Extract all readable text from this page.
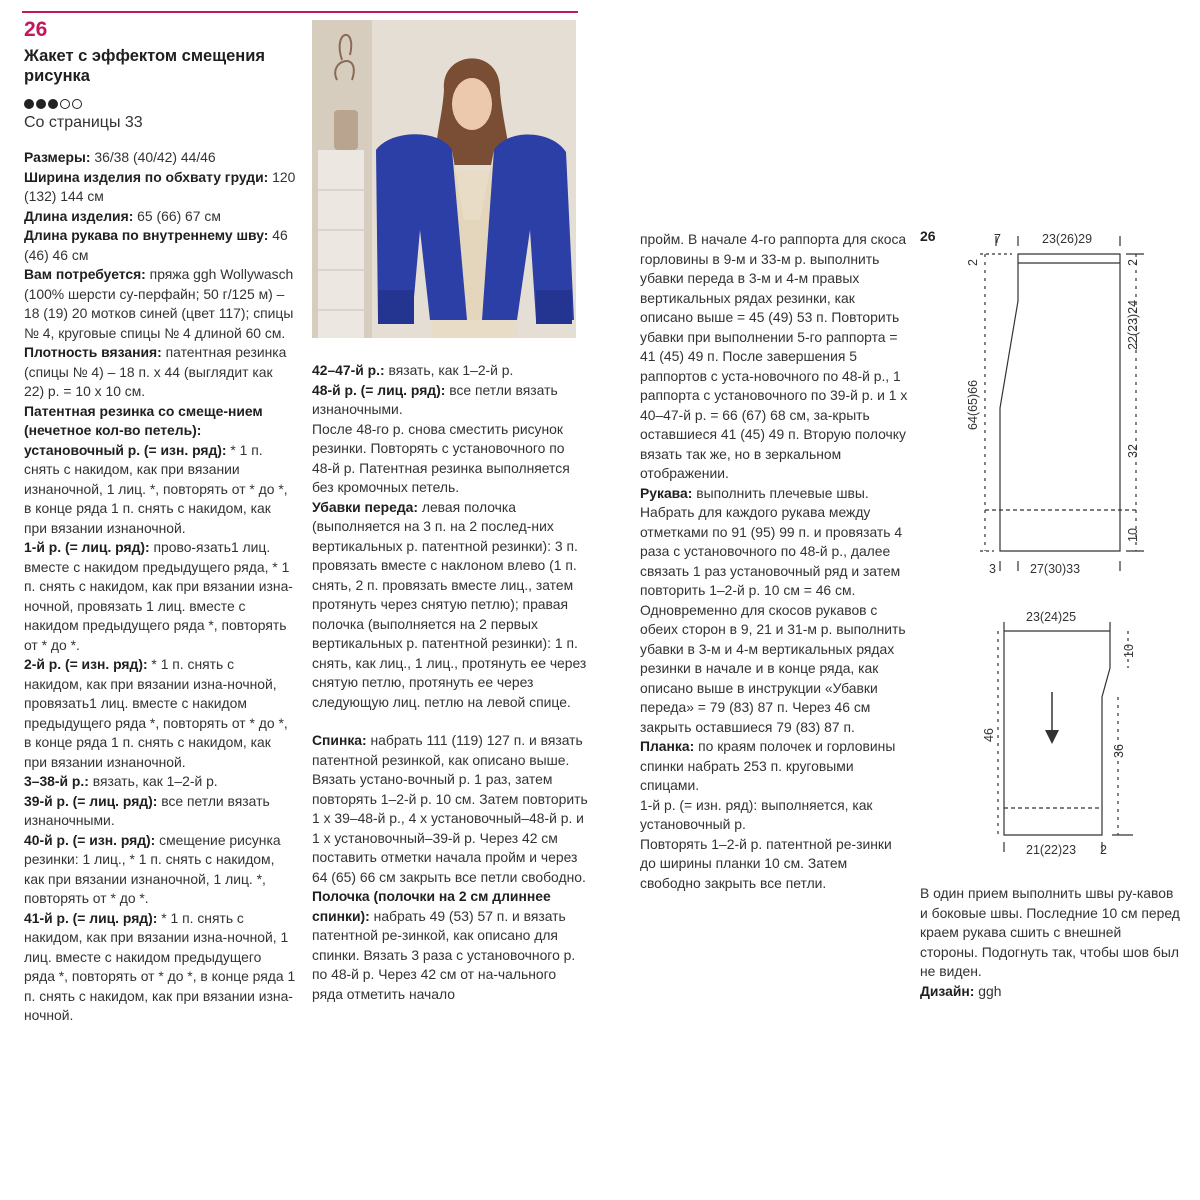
26
Жакет с эффектом смещения рисунка
Со страницы 33

Размеры: 36/38 (40/42) 44/46

Ширина изделия по обхвату груди: 120 (132) 144 см

Длина изделия: 65 (66) 67 см

Длина рукава по внутреннему шву: 46 (46) 46 см

Вам потребуется: пряжа ggh Wollywasch (100% шерсти су-перфайн; 50 г/125 м) – 18 (19) 20 мотков синей (цвет 117); спицы № 4, круговые спицы № 4 длиной 60 см.

Плотность вязания: патентная резинка (спицы № 4) – 18 п. х 44 (выглядит как 22) р. = 10 х 10 см.

Патентная резинка со смеще-нием (нечетное кол-во петель): установочный р. (= изн. ряд): * 1 п. снять с накидом, как при вязании изнаночной, 1 лиц. *, повторять от * до *, в конце ряда 1 п. снять с накидом, как при вязании изнаночной.

1-й р. (= лиц. ряд): прово-язать1 лиц. вместе с накидом предыдущего ряда, * 1 п. снять с накидом, как при вязании изна-ночной, провязать 1 лиц. вместе с накидом предыдущего ряда *, повторять от * до *.

2-й р. (= изн. ряд): * 1 п. снять с накидом, как при вязании изна-ночной, провязать1 лиц. вместе с накидом предыдущего ряда *, повторять от * до *, в конце ряда 1 п. снять с накидом, как при вязании изнаночной.

3–38-й р.: вязать, как 1–2-й р.

39-й р. (= лиц. ряд): все петли вязать изнаночными.

40-й р. (= изн. ряд): смещение рисунка резинки: 1 лиц., * 1 п. снять с накидом, как при вязании изнаночной, 1 лиц. *, повторять от * до *.

41-й р. (= лиц. ряд): * 1 п. снять с накидом, как при вязании изна-ночной, 1 лиц. вместе с накидом предыдущего ряда *, повторять от * до *, в конце ряда 1 п. снять с накидом, как при вязании изна-ночной.

42–47-й р.: вязать, как 1–2-й р.

48-й р. (= лиц. ряд): все петли вязать изнаночными.

После 48-го р. снова сместить рисунок резинки. Повторять с установочного по 48-й р. Патентная резинка выполняется без кромочных петель.

Убавки переда: левая полочка (выполняется на 3 п. на 2 послед-них вертикальных р. патентной резинки): 3 п. провязать вместе с наклоном влево (1 п. снять, 2 п. провязать вместе лиц., затем протянуть через снятую петлю); правая полочка (выполняется на 2 первых вертикальных р. патентной резинки): 1 п. снять, как лиц., 1 лиц., протянуть ее через снятую петлю, протянуть ее через следующую лиц. петлю на левой спице.

Спинка: набрать 111 (119) 127 п. и вязать патентной резинкой, как описано выше. Вязать устано-вочный р. 1 раз, затем повторять 1–2-й р. 10 см. Затем повторить 1 х 39–48-й р., 4 х установочный–48-й р. и 1 х установочный–39-й р. Через 42 см поставить отметки начала пройм и через 64 (65) 66 см закрыть все петли свободно.

Полочка (полочки на 2 см длиннее спинки): набрать 49 (53) 57 п. и вязать патентной ре-зинкой, как описано для спинки. Вязать 3 раза с установочного р. по 48-й р. Через 42 см от на-чального ряда отметить начало

пройм. В начале 4-го раппорта для скоса горловины в 9-м и 33-м р. выполнить убавки переда в 3-м и 4-м правых вертикальных рядах резинки, как описано выше = 45 (49) 53 п. Повторить убавки при выполнении 5-го раппорта = 41 (45) 49 п. После завершения 5 раппортов с уста-новочного по 48-й р., 1 раппорта с установочного по 39-й р. и 1 х 40–47-й р. = 66 (67) 68 см, за-крыть оставшиеся 41 (45) 49 п. Вторую полочку вязать так же, но в зеркальном отображении.

Рукава: выполнить плечевые швы. Набрать для каждого рукава между отметками по 91 (95) 99 п. и провязать 4 раза с установочного по 48-й р., далее связать 1 раз установочный ряд и затем повторить 1–2-й р. 10 см = 46 см. Одновременно для скосов рукавов с обеих сторон в 9, 21 и 31-м р. выполнить убавки в 3-м и 4-м вертикальных рядах резинки в начале и в конце ряда, как описано выше в инструкции «Убавки переда» = 79 (83) 87 п. Через 46 см закрыть оставшиеся 79 (83) 87 п.

Планка: по краям полочек и горловины спинки набрать 253 п. круговыми спицами.

1-й р. (= изн. ряд): выполняется, как установочный р.

Повторять 1–2-й р. патентной ре-зинки до ширины планки 10 см. Затем свободно закрыть все петли.

В один прием выполнить швы ру-кавов и боковые швы. Последние 10 см перед краем рукава сшить с внешней стороны. Подогнуть так, чтобы шов был не виден.

Дизайн: ggh

26	7	23(26)29
2	2
64(65)66
22(23)24
32
10
3	27(30)33
23(24)25
10
46
36
21(22)23 2
